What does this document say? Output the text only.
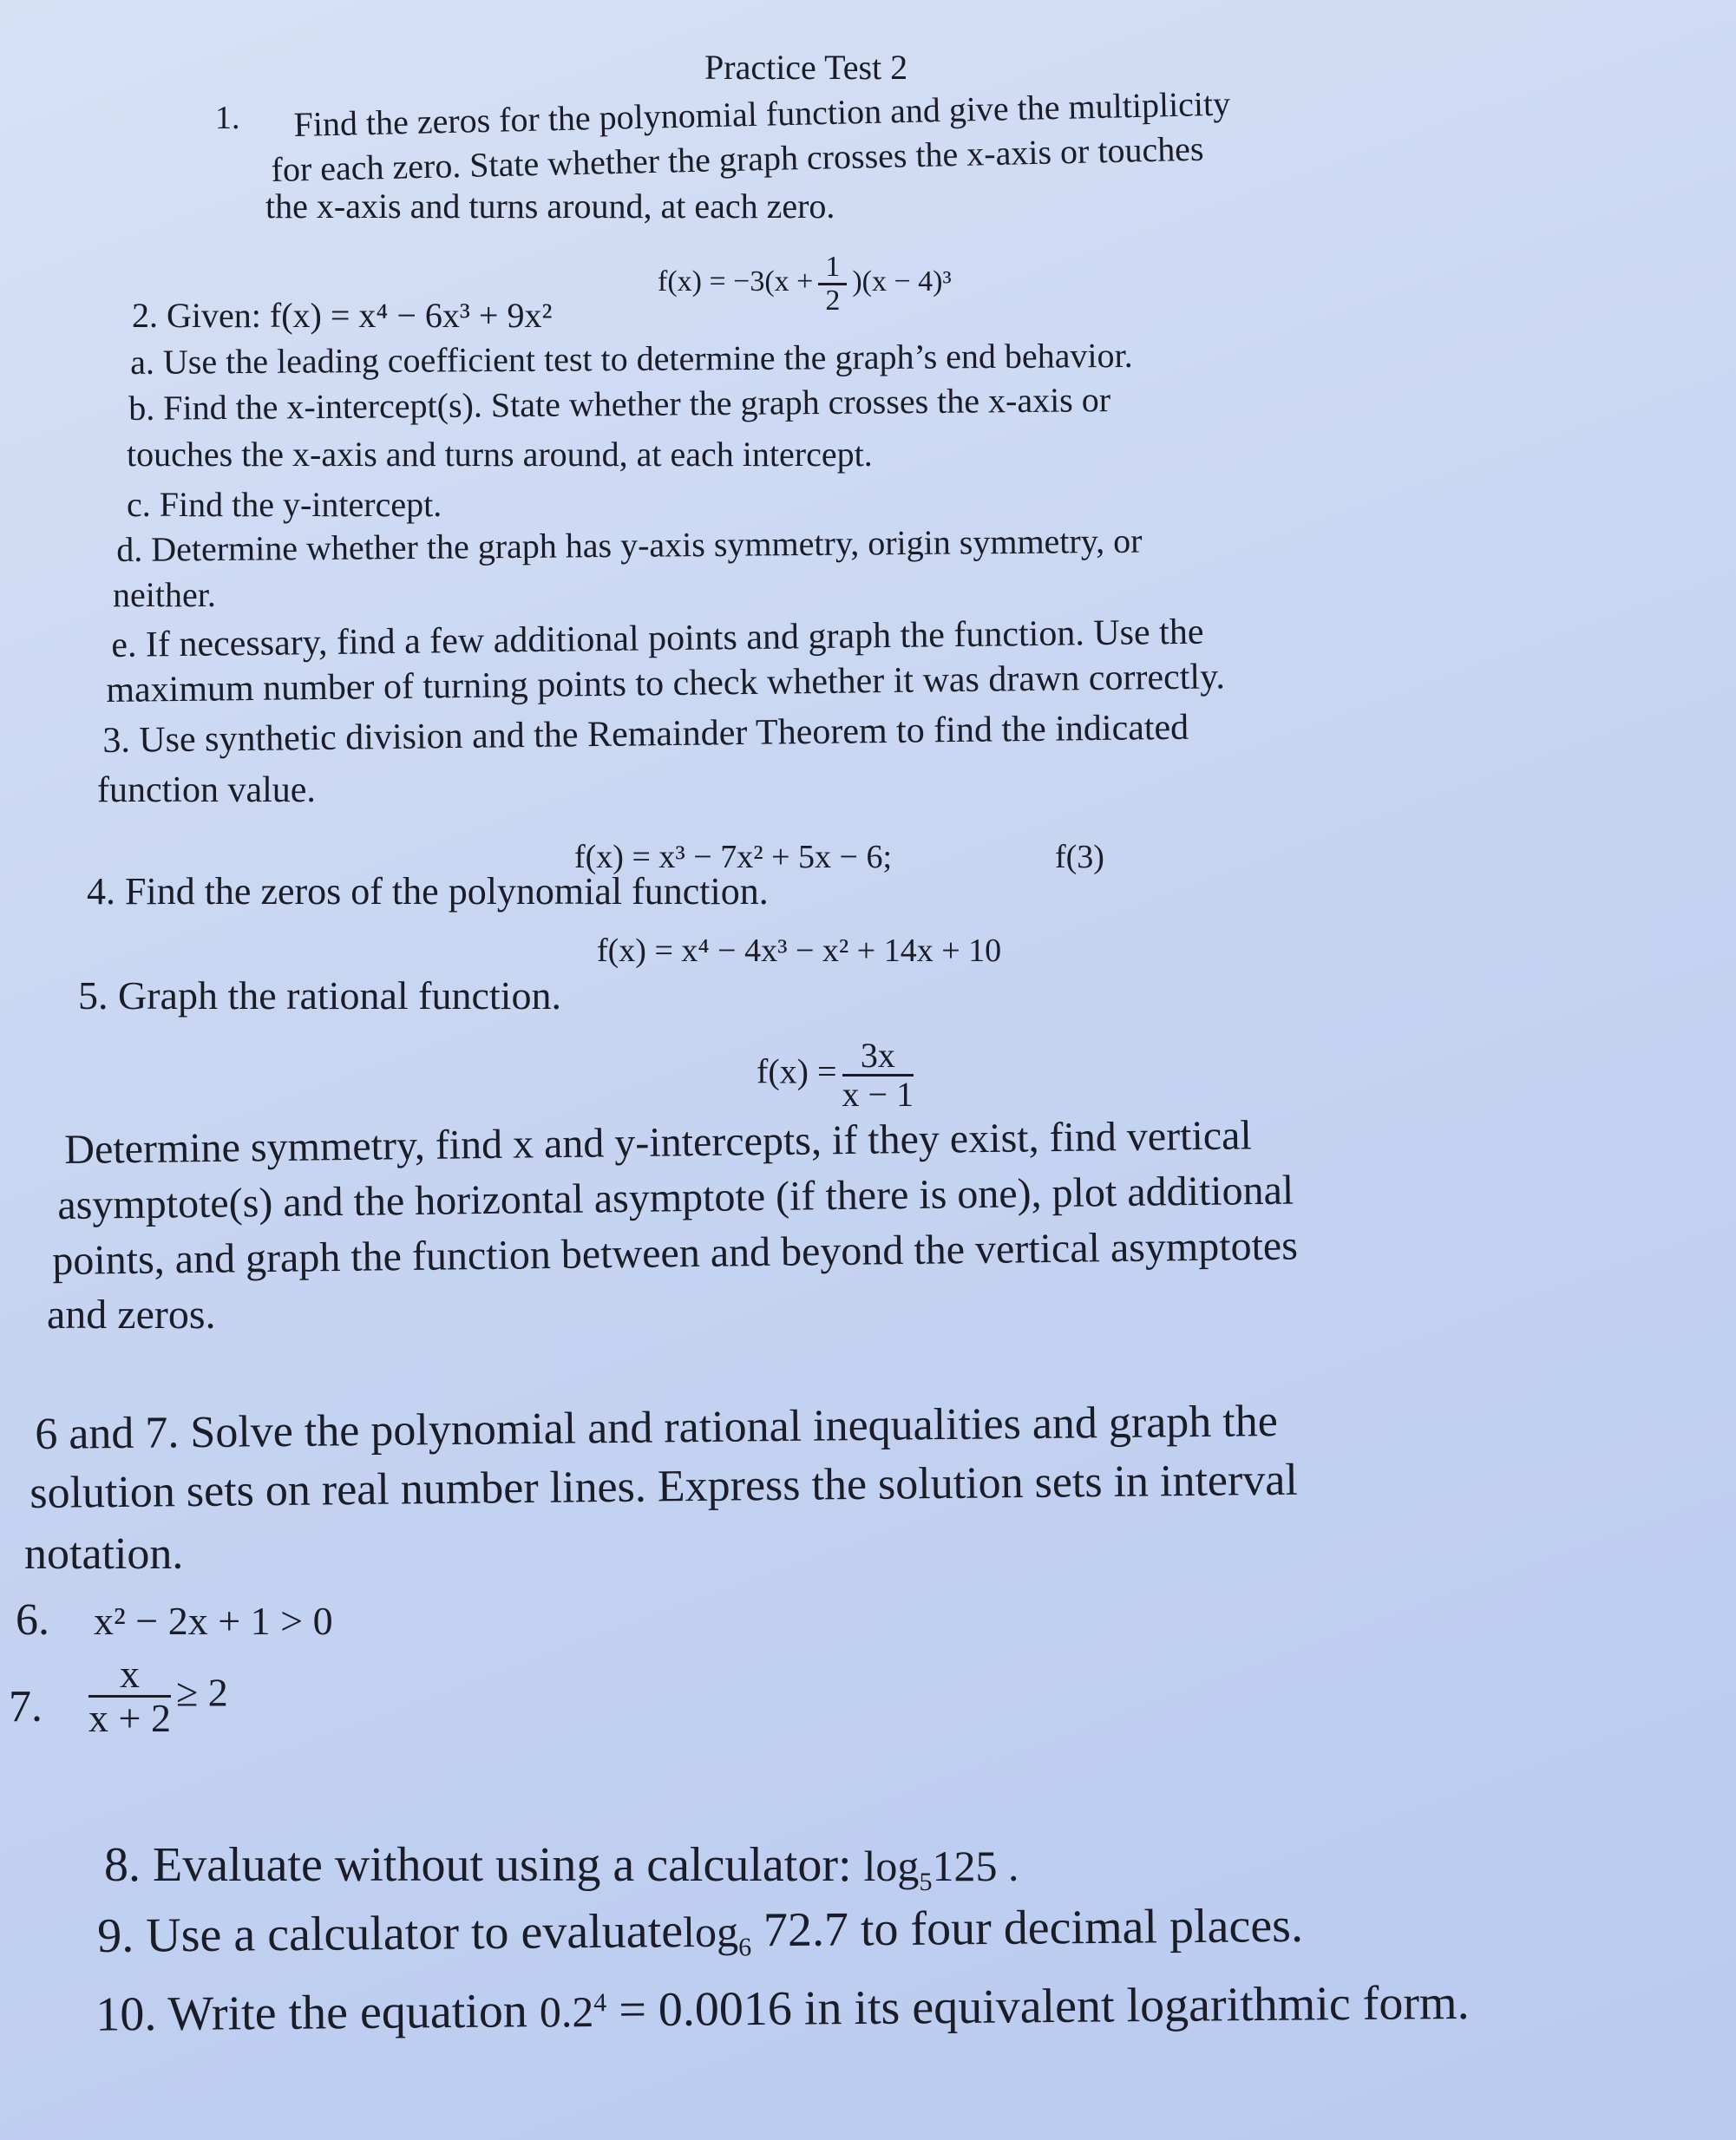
Practice Test 2
1. Find the zeros for the polynomial function and give the multiplicity
for each zero. State whether the graph crosses the x-axis or touches
the x-axis and turns around, at each zero.
$f(x) = -3(x + \frac{1}{2} )(x - 4)^3$
2. Given: f(x) = x⁴ − 6x³ + 9x²
a. Use the leading coefficient test to determine the graph’s end behavior.
b. Find the x-intercept(s). State whether the graph crosses the x-axis or
touches the x-axis and turns around, at each intercept.
c. Find the y-intercept.
d. Determine whether the graph has y-axis symmetry, origin symmetry, or
neither.
e. If necessary, find a few additional points and graph the function. Use the
maximum number of turning points to check whether it was drawn correctly.
3. Use synthetic division and the Remainder Theorem to find the indicated
function value.
f(x) = x³ − 7x² + 5x − 6;	f(3)
4. Find the zeros of the polynomial function.
f(x) = x⁴ − 4x³ − x² + 14x + 10
5. Graph the rational function.
$f(x) = \frac{3x}{x - 1}$
Determine symmetry, find x and y-intercepts, if they exist, find vertical
asymptote(s) and the horizontal asymptote (if there is one), plot additional
points, and graph the function between and beyond the vertical asymptotes
and zeros.
6 and 7. Solve the polynomial and rational inequalities and graph the
solution sets on real number lines. Express the solution sets in interval
notation.
6. x² − 2x + 1 > 0
7. $\frac{x}{x + 2} \ge 2$
8. Evaluate without using a calculator: $\log_5125$ .
9. Use a calculator to evaluatelog$_6$ 72.7 to four decimal places.
10. Write the equation $0.2^4 = 0.0016$ in its equivalent logarithmic form.
